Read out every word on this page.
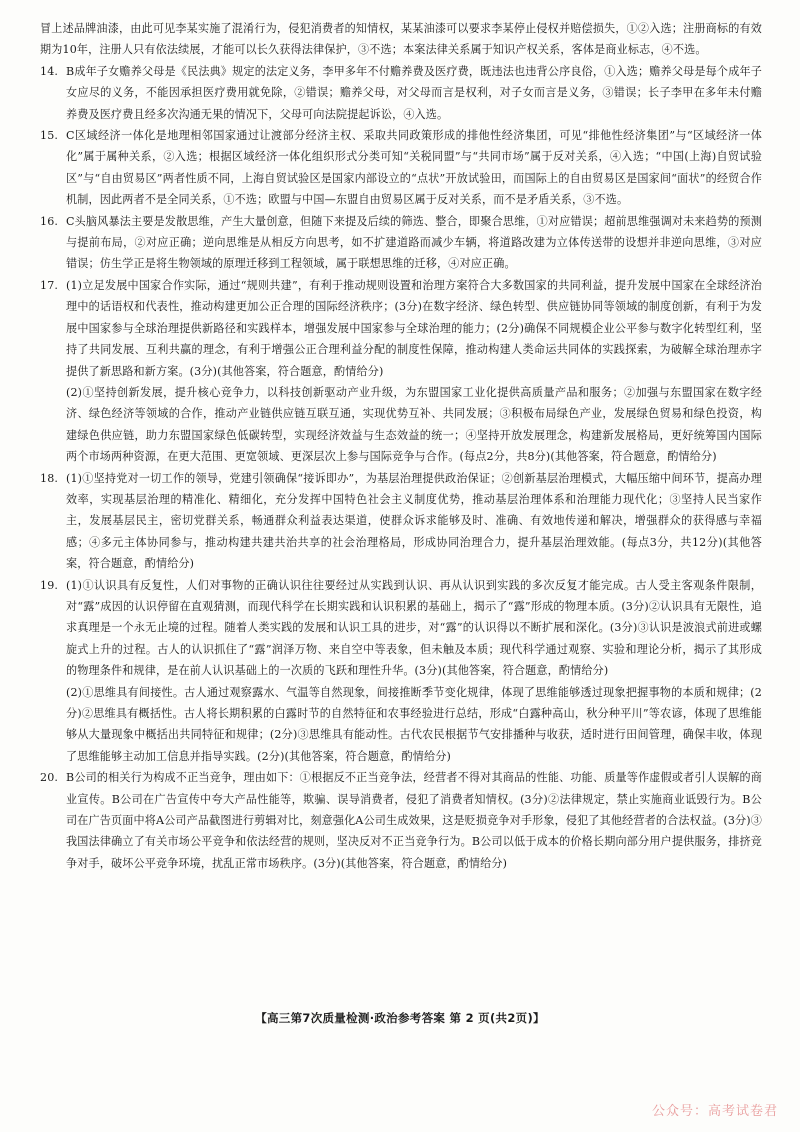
冒上述品牌油漆，由此可见李某实施了混淆行为，侵犯消费者的知情权，某某油漆可以要求李某停止侵权并赔偿损失，①②入选；注册商标的有效期为10年，注册人只有依法续展，才能可以长久获得法律保护，③不选；本案法律关系属于知识产权关系，客体是商业标志，④不选。

14. B成年子女赡养父母是《民法典》规定的法定义务，李甲多年不付赡养费及医疗费，既违法也违背公序良俗，①入选；赡养父母是每个成年子女应尽的义务，不能因承担医疗费用就免除，②错误；赡养父母，对父母而言是权利，对子女而言是义务，③错误；长子李甲在多年未付赡养费及医疗费且经多次沟通无果的情况下，父母可向法院提起诉讼，④入选。
15. C区域经济一体化是地理相邻国家通过让渡部分经济主权、采取共同政策形成的排他性经济集团，可见“排他性经济集团”与“区域经济一体化”属于属种关系，②入选；根据区域经济一体化组织形式分类可知“关税同盟”与“共同市场”属于反对关系，④入选；“中国(上海)自贸试验区”与“自由贸易区”两者性质不同，上海自贸试验区是国家内部设立的“点状”开放试验田，而国际上的自由贸易区是国家间“面状”的经贸合作机制，因此两者不是全同关系，①不选；欧盟与中国—东盟自由贸易区属于反对关系，而不是矛盾关系，③不选。
16. C头脑风暴法主要是发散思维，产生大量创意，但随下来提及后续的筛选、整合，即聚合思维，①对应错误；超前思维强调对未来趋势的预测与提前布局，②对应正确；逆向思维是从相反方向思考，如不扩建道路而减少车辆，将道路改建为立体传送带的设想并非逆向思维，③对应错误；仿生学正是将生物领域的原理迁移到工程领域，属于联想思维的迁移，④对应正确。
17. (1)立足发展中国家合作实际，通过“规则共建”，有利于推动规则设置和治理方案符合大多数国家的共同利益，提升发展中国家在全球经济治理中的话语权和代表性，推动构建更加公正合理的国际经济秩序；(3分)在数字经济、绿色转型、供应链协同等领域的制度创新，有利于为发展中国家参与全球治理提供新路径和实践样本，增强发展中国家参与全球治理的能力；(2分)确保不同规模企业公平参与数字化转型红利，坚持了共同发展、互利共赢的理念，有利于增强公正合理利益分配的制度性保障，推动构建人类命运共同体的实践探索，为破解全球治理赤字提供了新思路和新方案。(3分)(其他答案，符合题意，酌情给分)
(2)①坚持创新发展，提升核心竞争力，以科技创新驱动产业升级，为东盟国家工业化提供高质量产品和服务；②加强与东盟国家在数字经济、绿色经济等领域的合作，推动产业链供应链互联互通，实现优势互补、共同发展；③积极布局绿色产业，发展绿色贸易和绿色投资，构建绿色供应链，助力东盟国家绿色低碳转型，实现经济效益与生态效益的统一；④坚持开放发展理念，构建新发展格局，更好统筹国内国际两个市场两种资源，在更大范围、更宽领域、更深层次上参与国际竞争与合作。(每点2分，共8分)(其他答案，符合题意，酌情给分)
18. (1)①坚持党对一切工作的领导，党建引领确保“接诉即办”，为基层治理提供政治保证；②创新基层治理模式，大幅压缩中间环节，提高办理效率，实现基层治理的精准化、精细化，充分发挥中国特色社会主义制度优势，推动基层治理体系和治理能力现代化；③坚持人民当家作主，发展基层民主，密切党群关系，畅通群众利益表达渠道，使群众诉求能够及时、准确、有效地传递和解决，增强群众的获得感与幸福感；④多元主体协同参与，推动构建共建共治共享的社会治理格局，形成协同治理合力，提升基层治理效能。(每点3分，共12分)(其他答案，符合题意，酌情给分)
19. (1)①认识具有反复性，人们对事物的正确认识往往要经过从实践到认识、再从认识到实践的多次反复才能完成。古人受主客观条件限制，对“露”成因的认识停留在直观猜测，而现代科学在长期实践和认识积累的基础上，揭示了“露”形成的物理本质。(3分)②认识具有无限性，追求真理是一个永无止境的过程。随着人类实践的发展和认识工具的进步，对“露”的认识得以不断扩展和深化。(3分)③认识是波浪式前进或螺旋式上升的过程。古人的认识抓住了“露”润泽万物、来自空中等表象，但未触及本质；现代科学通过观察、实验和理论分析，揭示了其形成的物理条件和规律，是在前人认识基础上的一次质的飞跃和理性升华。(3分)(其他答案，符合题意，酌情给分)
(2)①思维具有间接性。古人通过观察露水、气温等自然现象，间接推断季节变化规律，体现了思维能够透过现象把握事物的本质和规律；(2分)②思维具有概括性。古人将长期积累的白露时节的自然特征和农事经验进行总结，形成“白露种高山，秋分种平川”等农谚，体现了思维能够从大量现象中概括出共同特征和规律；(2分)③思维具有能动性。古代农民根据节气安排播种与收获，适时进行田间管理，确保丰收，体现了思维能够主动加工信息并指导实践。(2分)(其他答案，符合题意，酌情给分)
20. B公司的相关行为构成不正当竞争，理由如下：①根据反不正当竞争法，经营者不得对其商品的性能、功能、质量等作虚假或者引人误解的商业宣传。B公司在广告宣传中夸大产品性能等，欺骗、误导消费者，侵犯了消费者知情权。(3分)②法律规定，禁止实施商业诋毁行为。B公司在广告页面中将A公司产品截图进行剪辑对比，刻意强化A公司生成效果，这是贬损竞争对手形象，侵犯了其他经营者的合法权益。(3分)③我国法律确立了有关市场公平竞争和依法经营的规则，坚决反对不正当竞争行为。B公司以低于成本的价格长期向部分用户提供服务，排挤竞争对手，破坏公平竞争环境，扰乱正常市场秩序。(3分)(其他答案，符合题意，酌情给分)
【高三第7次质量检测·政治参考答案 第 2 页(共2页)】
公众号：高考试卷君
